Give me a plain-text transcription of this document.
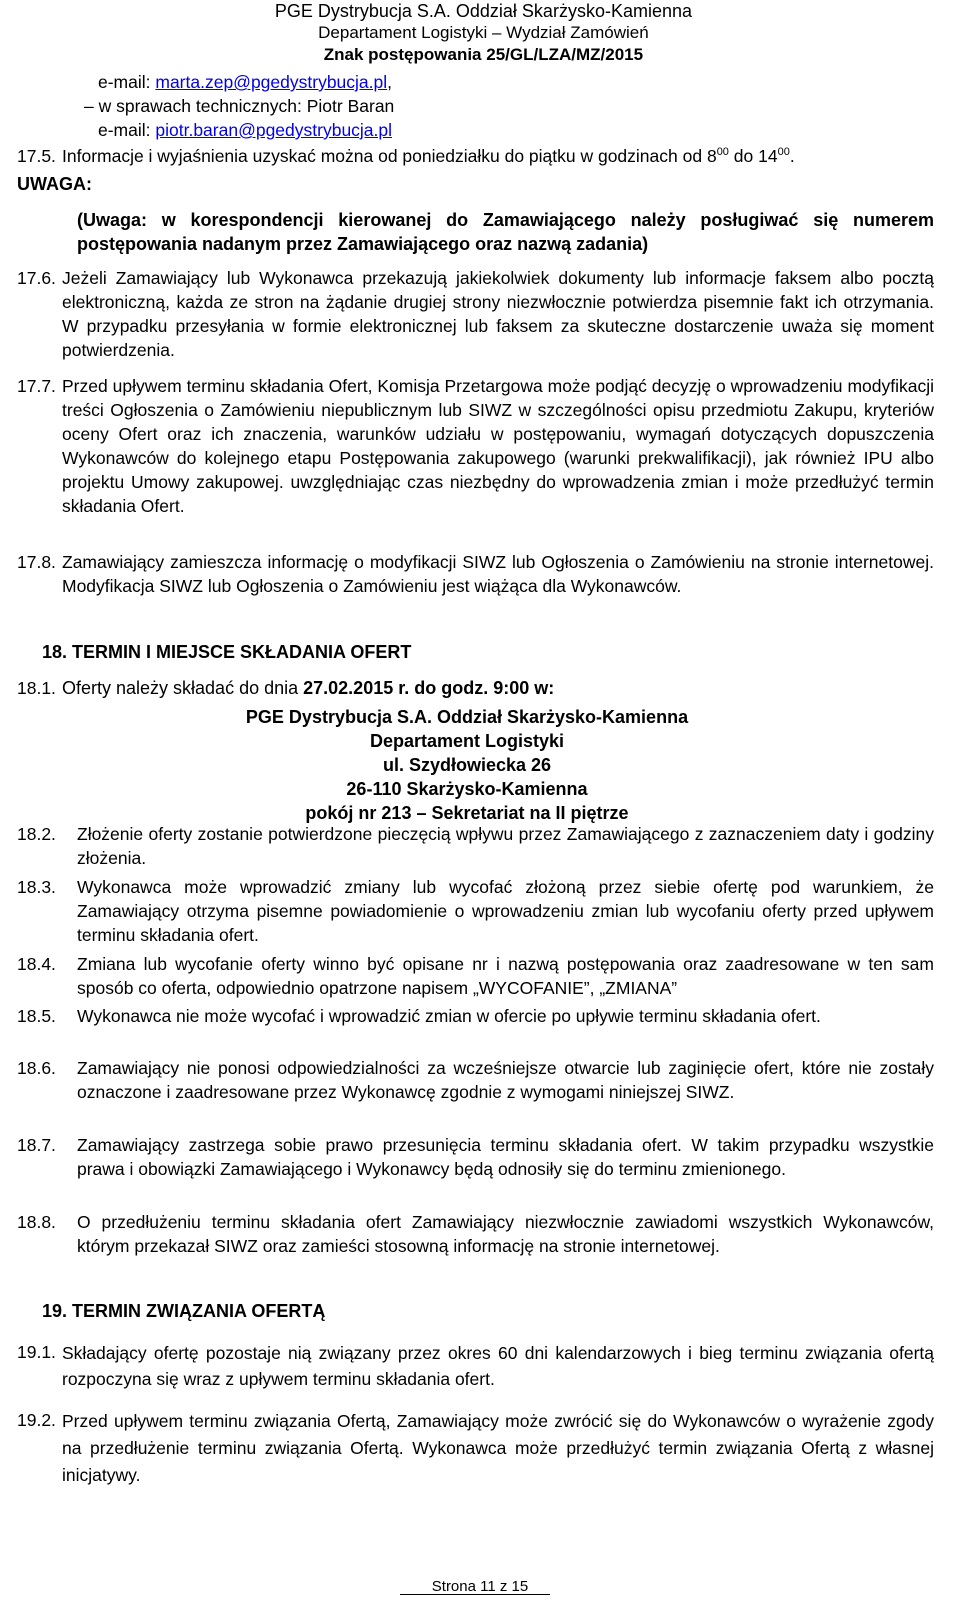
PGE Dystrybucja S.A. Oddział Skarżysko-Kamienna
Departament Logistyki – Wydział Zamówień
Znak postępowania 25/GL/LZA/MZ/2015
e-mail: marta.zep@pgedystrybucja.pl,
– w sprawach technicznych: Piotr Baran
e-mail: piotr.baran@pgedystrybucja.pl
17.5. Informacje i wyjaśnienia uzyskać można od poniedziałku do piątku w godzinach od $8^{00}$ do $14^{00}$.
UWAGA:
(Uwaga: w korespondencji kierowanej do Zamawiającego należy posługiwać się numerem postępowania nadanym przez Zamawiającego oraz nazwą zadania)
17.6. Jeżeli Zamawiający lub Wykonawca przekazują jakiekolwiek dokumenty lub informacje faksem albo pocztą elektroniczną, każda ze stron na żądanie drugiej strony niezwłocznie potwierdza pisemnie fakt ich otrzymania. W przypadku przesyłania w formie elektronicznej lub faksem za skuteczne dostarczenie uważa się moment potwierdzenia.
17.7. Przed upływem terminu składania Ofert, Komisja Przetargowa może podjąć decyzję o wprowadzeniu modyfikacji treści Ogłoszenia o Zamówieniu niepublicznym lub SIWZ w szczególności opisu przedmiotu Zakupu, kryteriów oceny Ofert oraz ich znaczenia, warunków udziału w postępowaniu, wymagań dotyczących dopuszczenia Wykonawców do kolejnego etapu Postępowania zakupowego (warunki prekwalifikacji), jak również IPU albo projektu Umowy zakupowej. uwzględniając czas niezbędny do wprowadzenia zmian i może przedłużyć termin składania Ofert.
17.8. Zamawiający zamieszcza informację o modyfikacji SIWZ lub Ogłoszenia o Zamówieniu na stronie internetowej. Modyfikacja SIWZ lub Ogłoszenia o Zamówieniu jest wiążąca dla Wykonawców.
18. TERMIN I MIEJSCE SKŁADANIA OFERT
18.1. Oferty należy składać do dnia 27.02.2015 r. do godz. 9:00 w:
PGE Dystrybucja S.A. Oddział Skarżysko-Kamienna
Departament Logistyki
ul. Szydłowiecka 26
26-110 Skarżysko-Kamienna
pokój nr 213 – Sekretariat na II piętrze
18.2.	Złożenie oferty zostanie potwierdzone pieczęcią wpływu przez Zamawiającego z zaznaczeniem daty i godziny złożenia.
18.3.	Wykonawca może wprowadzić zmiany lub wycofać złożoną przez siebie ofertę pod warunkiem, że Zamawiający otrzyma pisemne powiadomienie o wprowadzeniu zmian lub wycofaniu oferty przed upływem terminu składania ofert.
18.4.	Zmiana lub wycofanie oferty winno być opisane nr i nazwą postępowania oraz zaadresowane w ten sam sposób co oferta, odpowiednio opatrzone napisem „WYCOFANIE”, „ZMIANA”
18.5.	Wykonawca nie może wycofać i wprowadzić zmian w ofercie po upływie terminu składania ofert.
18.6.	Zamawiający nie ponosi odpowiedzialności za wcześniejsze otwarcie lub zaginięcie ofert, które nie zostały oznaczone i zaadresowane przez Wykonawcę zgodnie z wymogami niniejszej SIWZ.
18.7.	Zamawiający zastrzega sobie prawo przesunięcia terminu składania ofert. W takim przypadku wszystkie prawa i obowiązki Zamawiającego i Wykonawcy będą odnosiły się do terminu zmienionego.
18.8.	O przedłużeniu terminu składania ofert Zamawiający niezwłocznie zawiadomi wszystkich Wykonawców, którym przekazał SIWZ oraz zamieści stosowną informację na stronie internetowej.
19. TERMIN ZWIĄZANIA OFERTĄ
19.1. Składający ofertę pozostaje nią związany przez okres 60 dni kalendarzowych i bieg terminu związania ofertą rozpoczyna się wraz z upływem terminu składania ofert.
19.2. Przed upływem terminu związania Ofertą, Zamawiający może zwrócić się do Wykonawców o wyrażenie zgody na przedłużenie terminu związania Ofertą. Wykonawca może przedłużyć termin związania Ofertą z własnej inicjatywy.
Strona 11 z 15
